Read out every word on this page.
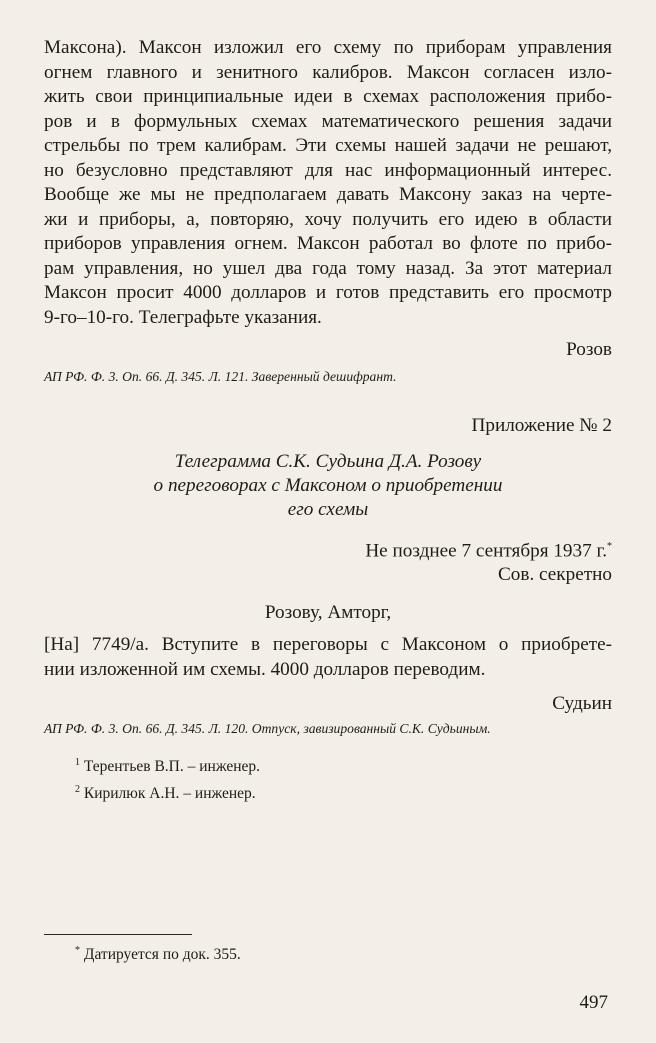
Максона). Максон изложил его схему по приборам управления
огнем главного и зенитного калибров. Максон согласен изло-
жить свои принципиальные идеи в схемах расположения прибо-
ров и в формульных схемах математического решения задачи
стрельбы по трем калибрам. Эти схемы нашей задачи не решают,
но безусловно представляют для нас информационный интерес.
Вообще же мы не предполагаем давать Максону заказ на черте-
жи и приборы, а, повторяю, хочу получить его идею в области
приборов управления огнем. Максон работал во флоте по прибо-
рам управления, но ушел два года тому назад. За этот материал
Максон просит 4000 долларов и готов представить его просмотр
9-го–10-го. Телеграфьте указания.
Розов

АП РФ. Ф. 3. Оп. 66. Д. 345. Л. 121. Заверенный дешифрант.

Приложение № 2
Телеграмма С.К. Судьина Д.А. Розову
о переговорах с Максоном о приобретении
его схемы
Не позднее 7 сентября 1937 г.*
Сов. секретно
Розову, Амторг,
[На] 7749/а. Вступите в переговоры с Максоном о приобрете-
нии изложенной им схемы. 4000 долларов переводим.
Судьин

АП РФ. Ф. 3. Оп. 66. Д. 345. Л. 120. Отпуск, завизированный С.К. Судьиным.

$^1$ Терентьев В.П. – инженер.
$^2$ Кирилюк А.Н. – инженер.
* Датируется по док. 355.
497
